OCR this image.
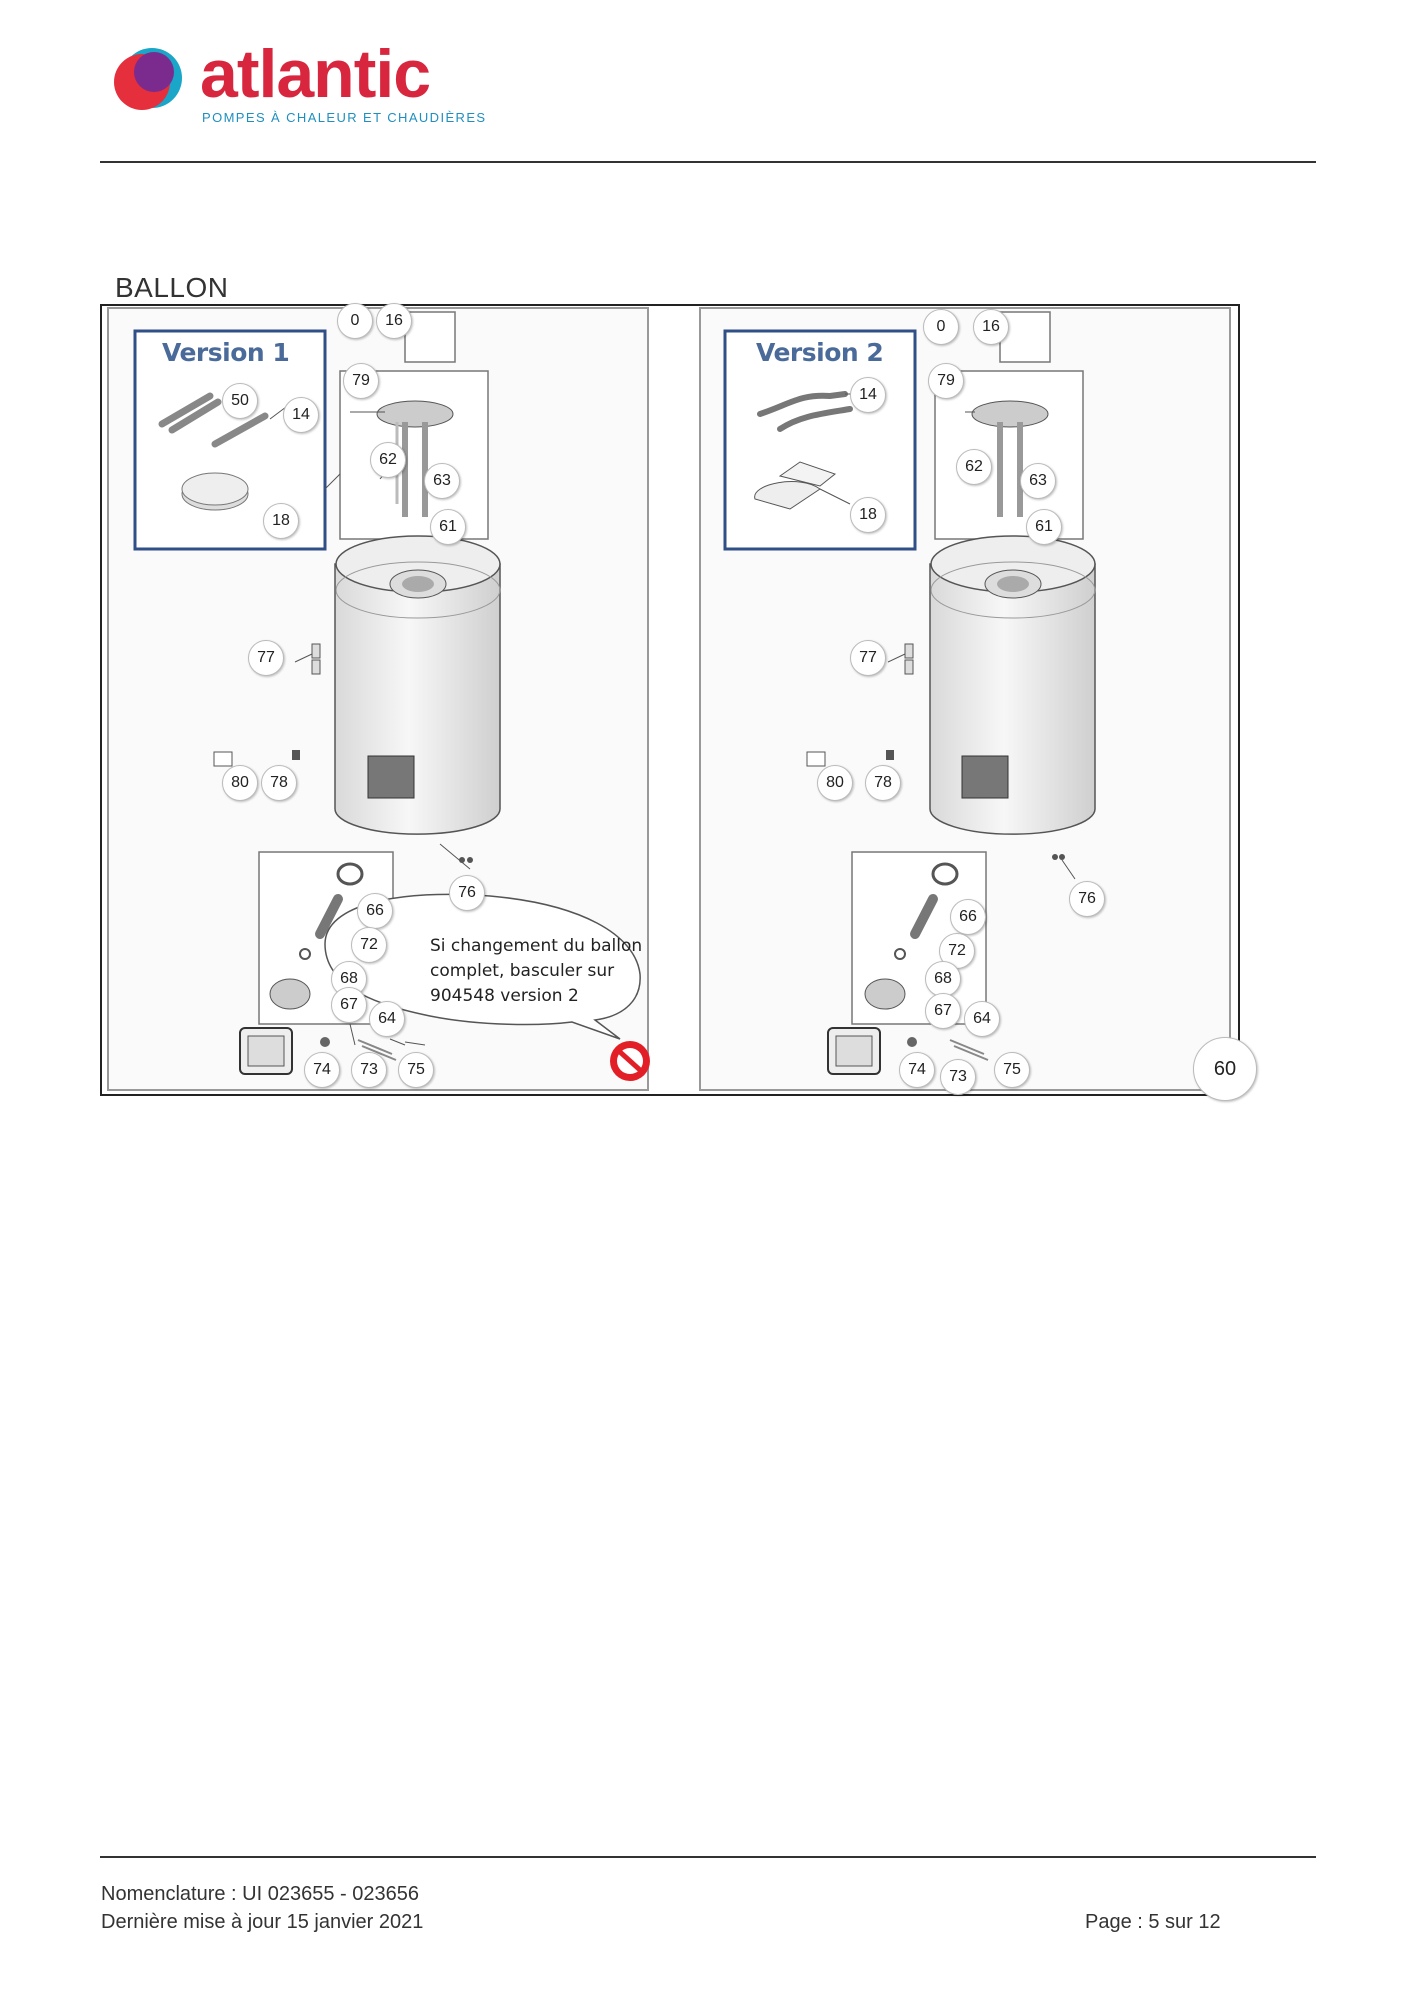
atlantic
POMPES À CHALEUR ET CHAUDIÈRES
BALLON
Version 1	Version 2
Si changement du ballon complet, basculer sur 904548 version 2
0	16
79
62
63
61
50
14
18
77
80	78
76
66
72
68
67
64
74	73	75
0	16
79
62
63
61
14
18
77
80	78
76
66
72
68
67	64
74	73	75	60
Nomenclature : UI 023655 - 023656
Dernière mise à jour 15 janvier 2021	Page : 5 sur 12
